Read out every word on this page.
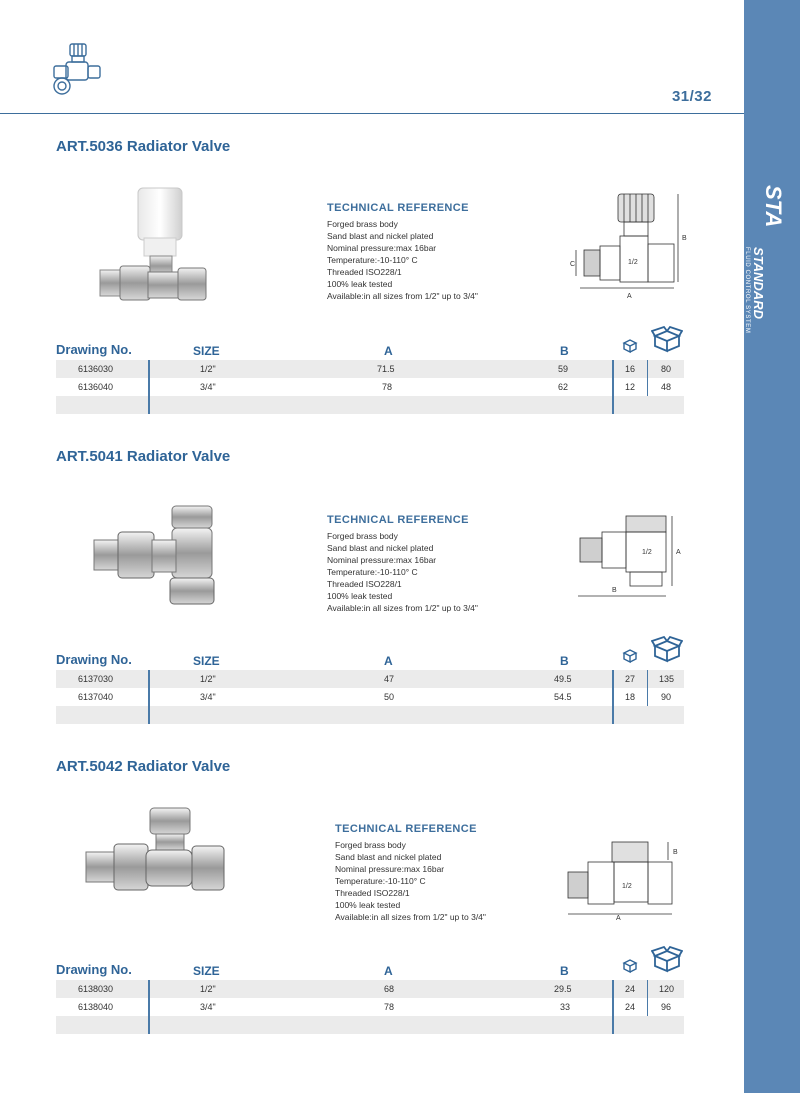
STA
STANDARD
FLUID CONTROL SYSTEM
31/32
ART.5036 Radiator Valve
TECHNICAL REFERENCE
Forged brass body
Sand blast and nickel plated
Nominal pressure:max 16bar
Temperature:-10-110° C
Threaded ISO228/1
100% leak tested
Available:in all sizes from 1/2" up to 3/4"	A
B
C	1/2
Drawing No.	SIZE	A	B
6136030	1/2"	71.5	59	16	80
6136040	3/4"	78	62	12	48
ART.5041 Radiator Valve
TECHNICAL REFERENCE
Forged brass body
Sand blast and nickel plated
Nominal pressure:max 16bar
Temperature:-10-110° C
Threaded ISO228/1
100% leak tested
Available:in all sizes from 1/2" up to 3/4"
B
A
1/2
Drawing No.	SIZE	A	B
6137030	1/2"	47	49.5	27	135
6137040	3/4"	50	54.5	18	90
ART.5042 Radiator Valve
TECHNICAL REFERENCE
Forged brass body
Sand blast and nickel plated
Nominal pressure:max 16bar
Temperature:-10-110° C
Threaded ISO228/1
100% leak tested
Available:in all sizes from 1/2" up to 3/4"	A
B
1/2
Drawing No.	SIZE	A	B
6138030	1/2"	68	29.5	24	120
6138040	3/4"	78	33	24	96
